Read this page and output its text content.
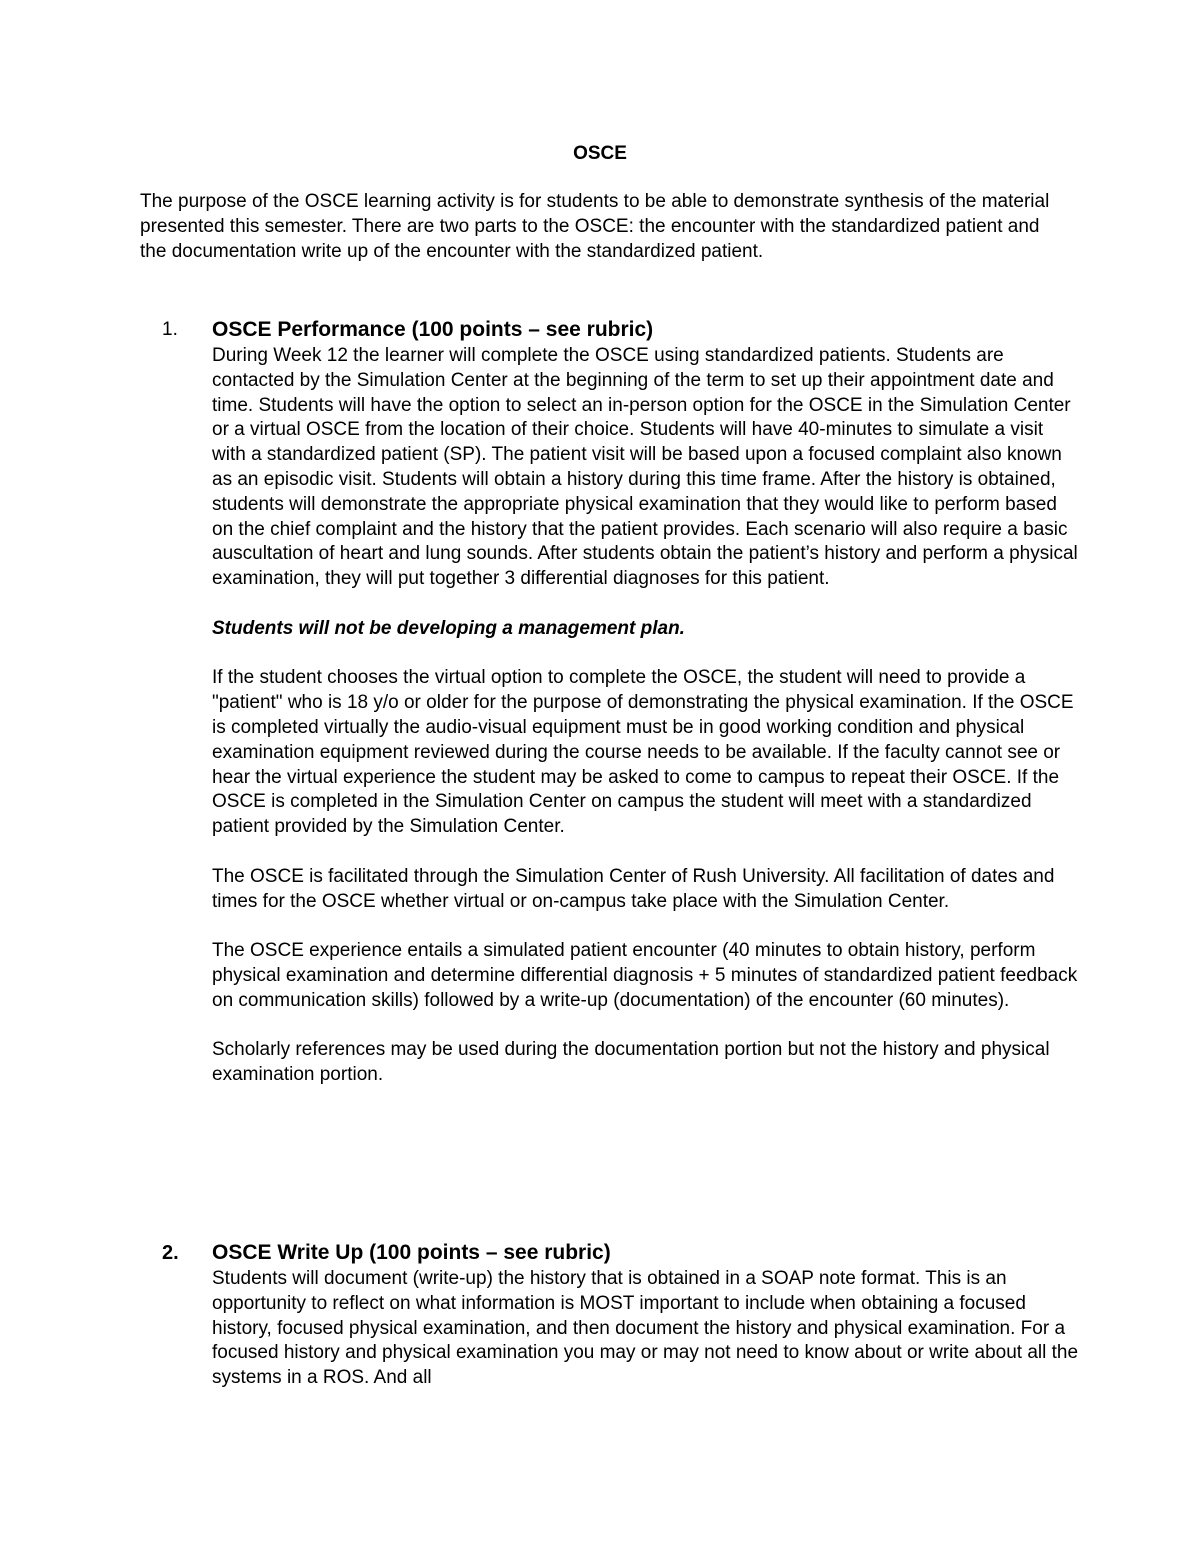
OSCE

The purpose of the OSCE learning activity is for students to be able to demonstrate synthesis of the material presented this semester. There are two parts to the OSCE: the encounter with the standardized patient and the documentation write up of the encounter with the standardized patient.

1. OSCE Performance (100 points – see rubric)

During Week 12 the learner will complete the OSCE using standardized patients. Students are contacted by the Simulation Center at the beginning of the term to set up their appointment date and time. Students will have the option to select an in-person option for the OSCE in the Simulation Center or a virtual OSCE from the location of their choice. Students will have 40-minutes to simulate a visit with a standardized patient (SP). The patient visit will be based upon a focused complaint also known as an episodic visit. Students will obtain a history during this time frame. After the history is obtained, students will demonstrate the appropriate physical examination that they would like to perform based on the chief complaint and the history that the patient provides. Each scenario will also require a basic auscultation of heart and lung sounds. After students obtain the patient’s history and perform a physical examination, they will put together 3 differential diagnoses for this patient.

Students will not be developing a management plan.

If the student chooses the virtual option to complete the OSCE, the student will need to provide a "patient" who is 18 y/o or older for the purpose of demonstrating the physical examination. If the OSCE is completed virtually the audio-visual equipment must be in good working condition and physical examination equipment reviewed during the course needs to be available. If the faculty cannot see or hear the virtual experience the student may be asked to come to campus to repeat their OSCE. If the OSCE is completed in the Simulation Center on campus the student will meet with a standardized patient provided by the Simulation Center.

The OSCE is facilitated through the Simulation Center of Rush University. All facilitation of dates and times for the OSCE whether virtual or on-campus take place with the Simulation Center.

The OSCE experience entails a simulated patient encounter (40 minutes to obtain history, perform physical examination and determine differential diagnosis + 5 minutes of standardized patient feedback on communication skills) followed by a write-up (documentation) of the encounter (60 minutes).

Scholarly references may be used during the documentation portion but not the history and physical examination portion.

2. OSCE Write Up (100 points – see rubric)

Students will document (write-up) the history that is obtained in a SOAP note format. This is an opportunity to reflect on what information is MOST important to include when obtaining a focused history, focused physical examination, and then document the history and physical examination. For a focused history and physical examination you may or may not need to know about or write about all the systems in a ROS. And all
